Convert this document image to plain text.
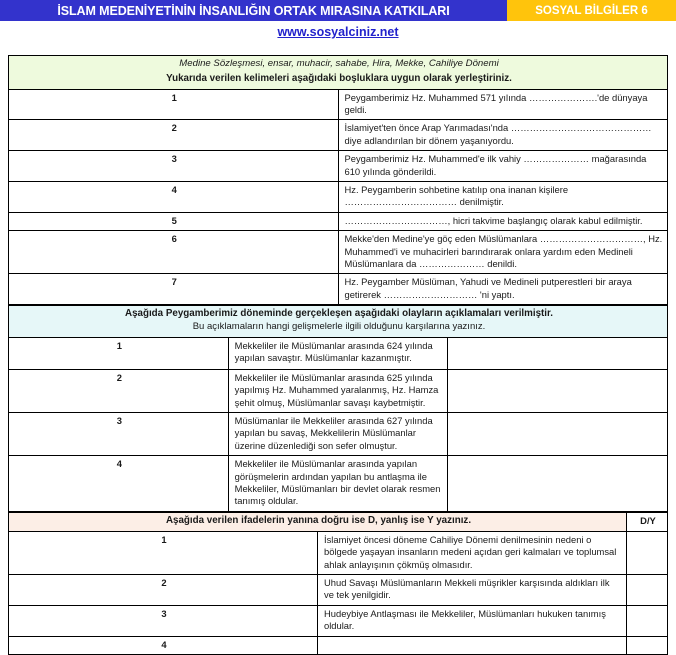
İSLAM MEDENİYETİNİN İNSANLIĞIN ORTAK MIRASINA KATKILARI	SOSYAL BİLGİLER 6
www.sosyalciniz.net
Medine Sözleşmesi, ensar, muhacir, sahabe, Hira, Mekke, Cahiliye Dönemi
Yukarıda verilen kelimeleri aşağıdaki boşluklara uygun olarak yerleştiriniz.	

1	Peygamberimiz Hz. Muhammed 571 yılında ………………….'de dünyaya geldi.
2	İslamiyet'ten önce Arap Yarımadası'nda ……………………………………… diye adlandırılan bir dönem yaşanıyordu.
3	Peygamberimiz Hz. Muhammed'e ilk vahiy ………………… mağarasında 610 yılında gönderildi.
4	Hz. Peygamberin sohbetine katılıp ona inanan kişilere ……………………………… denilmiştir.
5	……………………………, hicri takvime başlangıç olarak kabul edilmiştir.
6	Mekke'den Medine'ye göç eden Müslümanlara ……………………………, Hz. Muhammed'i ve muhacirleri barındırarak onlara yardım eden Medineli Müslümanlara da ………………… denildi.
7	Hz. Peygamber Müslüman, Yahudi ve Medineli putperestleri bir araya getirerek ………………………… 'ni yaptı.
Aşağıda Peygamberimiz döneminde gerçekleşen aşağıdaki olayların açıklamaları verilmiştir.
Bu açıklamaların hangi gelişmelerle ilgili olduğunu karşılarına yazınız.		

1	Mekkeliler ile Müslümanlar arasında 624 yılında yapılan savaştır. Müslümanlar kazanmıştır.	
2	Mekkeliler ile Müslümanlar arasında 625 yılında yapılmış Hz. Muhammed yaralanmış, Hz. Hamza şehit olmuş, Müslümanlar savaşı kaybetmiştir.	
3	Müslümanlar ile Mekkeliler arasında 627 yılında yapılan bu savaş, Mekkelilerin Müslümanlar üzerine düzenlediği son sefer olmuştur.	
4	Mekkeliler ile Müslümanlar arasında yapılan görüşmelerin ardından yapılan bu antlaşma ile Mekkeliler, Müslümanları bir devlet olarak resmen tanımış oldular.	
Aşağıda verilen ifadelerin yanına doğru ise D, yanlış ise Y yazınız.		D/Y
1	İslamiyet öncesi döneme Cahiliye Dönemi denilmesinin nedeni o bölgede yaşayan insanların medeni açıdan geri kalmaları ve toplumsal ahlak anlayışının çökmüş olmasıdır.	
2	Uhud Savaşı Müslümanların Mekkeli müşrikler karşısında aldıkları ilk ve tek yenilgidir.	
3	Hudeybiye Antlaşması ile Mekkeliler, Müslümanları hukuken tanımış oldular.	
4		
